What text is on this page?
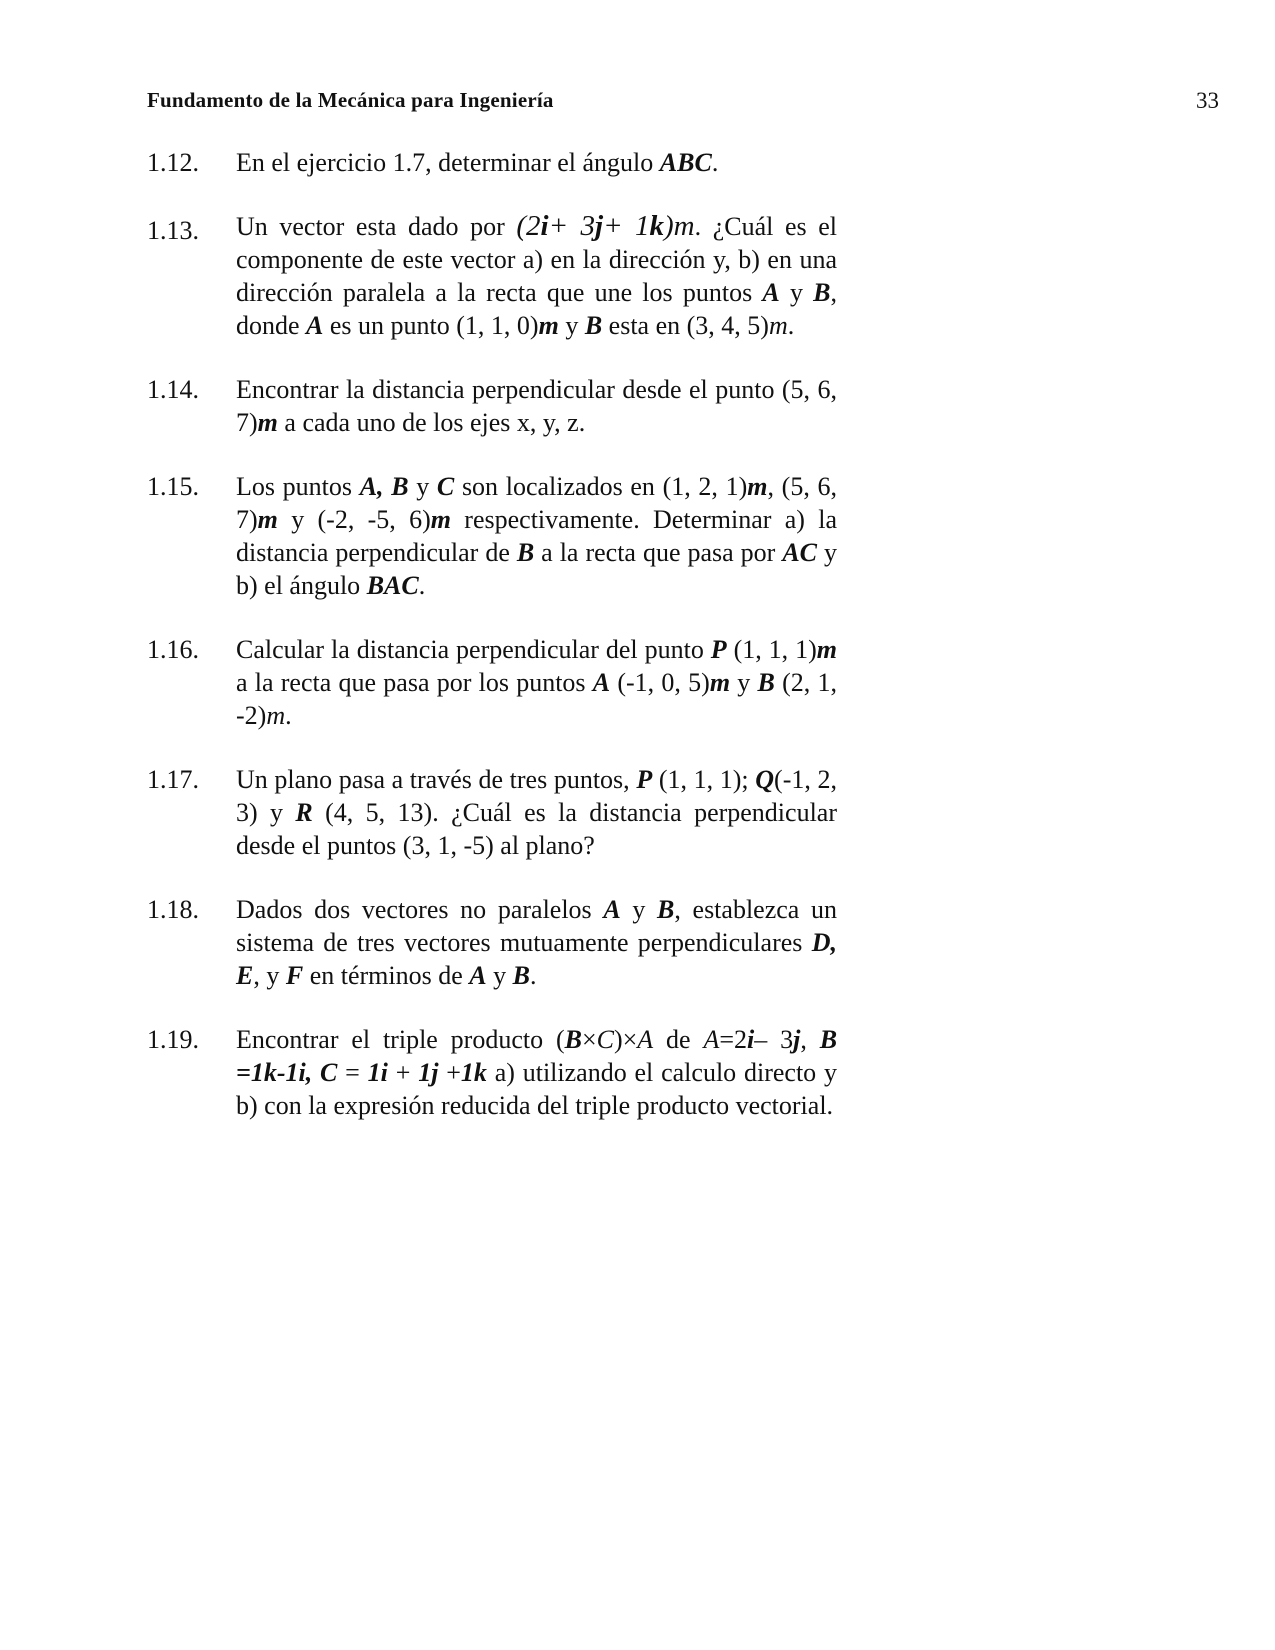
Fundamento de la Mecánica para Ingeniería	33
1.12. En el ejercicio 1.7, determinar el ángulo ABC.
1.13. Un vector esta dado por (2i+ 3j+ 1k)m. ¿Cuál es el componente de este vector a) en la dirección y, b) en una dirección paralela a la recta que une los puntos A y B, donde A es un punto (1, 1, 0)m y B esta en (3, 4, 5)m.
1.14. Encontrar la distancia perpendicular desde el punto (5, 6, 7)m a cada uno de los ejes x, y, z.
1.15. Los puntos A, B y C son localizados en (1, 2, 1)m, (5, 6, 7)m y (-2, -5, 6)m respectivamente. Determinar a) la distancia perpendicular de B a la recta que pasa por AC y b) el ángulo BAC.
1.16. Calcular la distancia perpendicular del punto P (1, 1, 1)m a la recta que pasa por los puntos A (-1, 0, 5)m y B (2, 1, -2)m.
1.17. Un plano pasa a través de tres puntos, P (1, 1, 1); Q(-1, 2, 3) y R (4, 5, 13). ¿Cuál es la distancia perpendicular desde el puntos (3, 1, -5) al plano?
1.18. Dados dos vectores no paralelos A y B, establezca un sistema de tres vectores mutuamente perpendiculares D, E, y F en términos de A y B.
1.19. Encontrar el triple producto (B×C)×A de A=2i– 3j, B =1k-1i, C = 1i + 1j +1k a) utilizando el calculo directo y b) con la expresión reducida del triple producto vectorial.
